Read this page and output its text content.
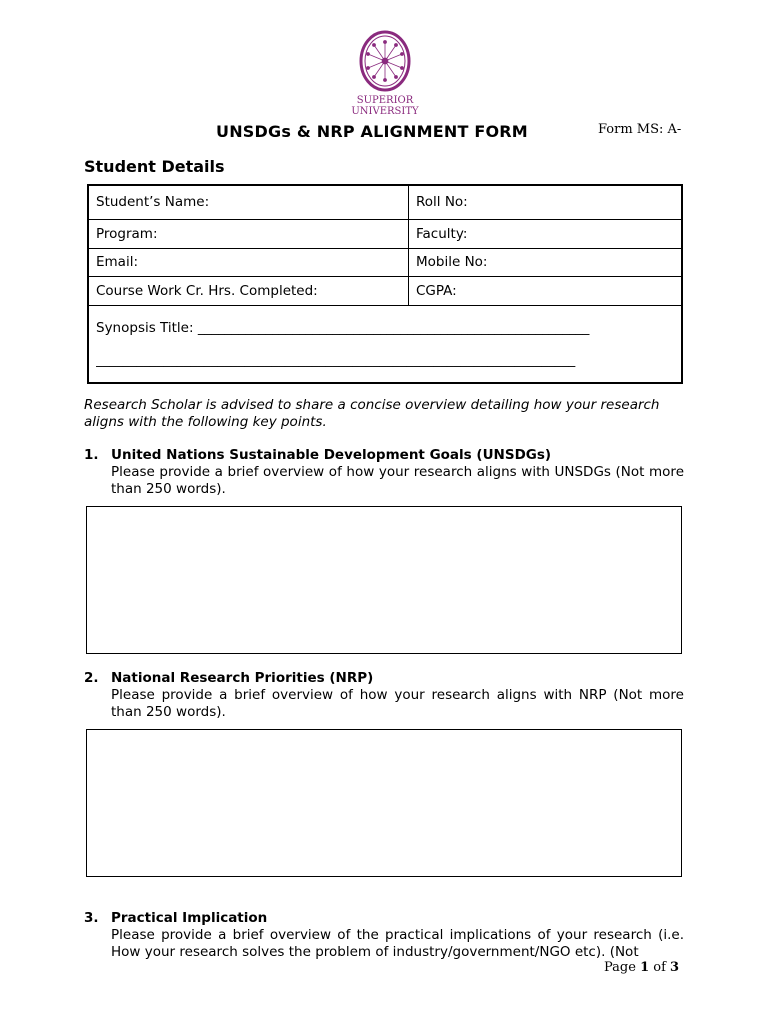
SUPERIOR UNIVERSITY
UNSDGs & NRP ALIGNMENT FORM	Form MS: A-
Student Details
Student’s Name:	Roll No:
Program:	Faculty:
Email:	Mobile No:
Course Work Cr. Hrs. Completed:	CGPA:

Synopsis Title: __________________________________________________________
_______________________________________________________________________	
Research Scholar is advised to share a concise overview detailing how your research aligns with the following key points.
1. United Nations Sustainable Development Goals (UNSDGs)
Please provide a brief overview of how your research aligns with UNSDGs (Not more than 250 words).
2. National Research Priorities (NRP)
Please provide a brief overview of how your research aligns with NRP (Not more than 250 words).
3. Practical Implication
Please provide a brief overview of the practical implications of your research (i.e. How your research solves the problem of industry/government/NGO etc). (Not
Page 1 of 3
